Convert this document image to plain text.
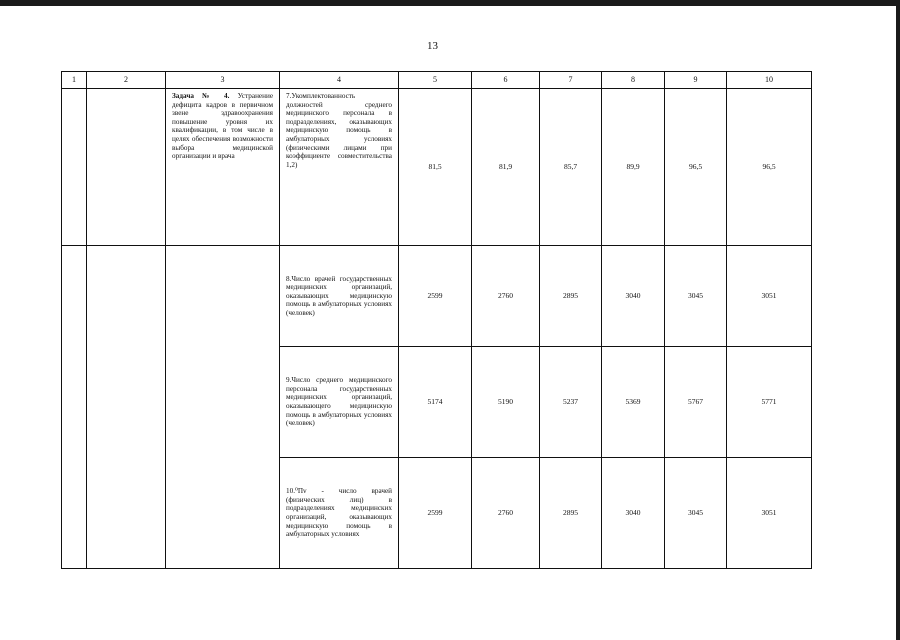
13
1	2	3	4	5	6	7	8	9	10
		Задача № 4. Устранение дефицита кадров в первичном звене здравоохранения повышение уровня их квалификации, в том числе в целях обеспечения возможности выбора медицинской организации и врача	7.Укомплектованность должностей среднего медицинского персонала в подразделениях, оказывающих медицинскую помощь в амбулаторных условиях (физическими лицами при коэффициенте совместительства 1,2)	81,5	81,9	85,7	89,9	96,5	96,5
			8.Число врачей государственных медицинских организаций, оказывающих медицинскую помощь в амбулаторных условиях (человек)	2599	2760	2895	3040	3045	3051
			9.Число среднего медицинского персонала государственных медицинских организаций, оказывающего медицинскую помощь в амбулаторных условиях (человек)	5174	5190	5237	5369	5767	5771
			10.⁰Пv - число врачей (физических лиц) в подразделениях медицинских организаций, оказывающих медицинскую помощь в амбулаторных условиях	2599	2760	2895	3040	3045	3051
